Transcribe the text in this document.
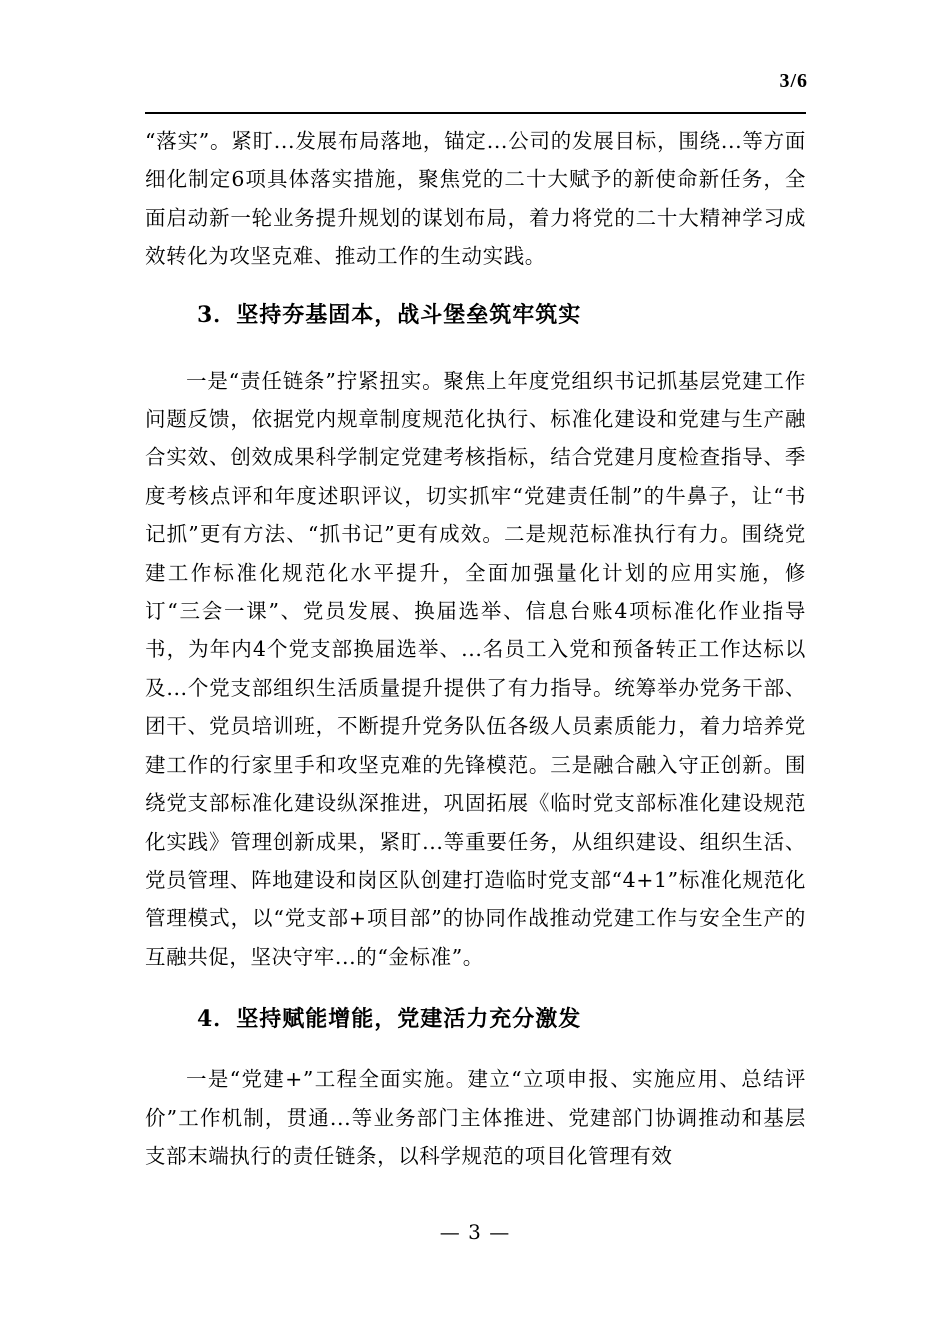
3/6

“落实”。紧盯...发展布局落地，锚定...公司的发展目标，围绕...等方面细化制定6项具体落实措施，聚焦党的二十大赋予的新使命新任务，全面启动新一轮业务提升规划的谋划布局，着力将党的二十大精神学习成效转化为攻坚克难、推动工作的生动实践。

3．坚持夯基固本，战斗堡垒筑牢筑实

一是“责任链条”拧紧扭实。聚焦上年度党组织书记抓基层党建工作问题反馈，依据党内规章制度规范化执行、标准化建设和党建与生产融合实效、创效成果科学制定党建考核指标，结合党建月度检查指导、季度考核点评和年度述职评议，切实抓牢“党建责任制”的牛鼻子，让“书记抓”更有方法、“抓书记”更有成效。二是规范标准执行有力。围绕党建工作标准化规范化水平提升，全面加强量化计划的应用实施，修订“三会一课”、党员发展、换届选举、信息台账4项标准化作业指导书，为年内4个党支部换届选举、...名员工入党和预备转正工作达标以及...个党支部组织生活质量提升提供了有力指导。统筹举办党务干部、团干、党员培训班，不断提升党务队伍各级人员素质能力，着力培养党建工作的行家里手和攻坚克难的先锋模范。三是融合融入守正创新。围绕党支部标准化建设纵深推进，巩固拓展《临时党支部标准化建设规范化实践》管理创新成果，紧盯...等重要任务，从组织建设、组织生活、党员管理、阵地建设和岗区队创建打造临时党支部“4+1”标准化规范化管理模式，以“党支部+项目部”的协同作战推动党建工作与安全生产的互融共促，坚决守牢...的“金标准”。

4．坚持赋能增能，党建活力充分激发

一是“党建+”工程全面实施。建立“立项申报、实施应用、总结评价”工作机制，贯通...等业务部门主体推进、党建部门协调推动和基层支部末端执行的责任链条，以科学规范的项目化管理有效

— 3 —
